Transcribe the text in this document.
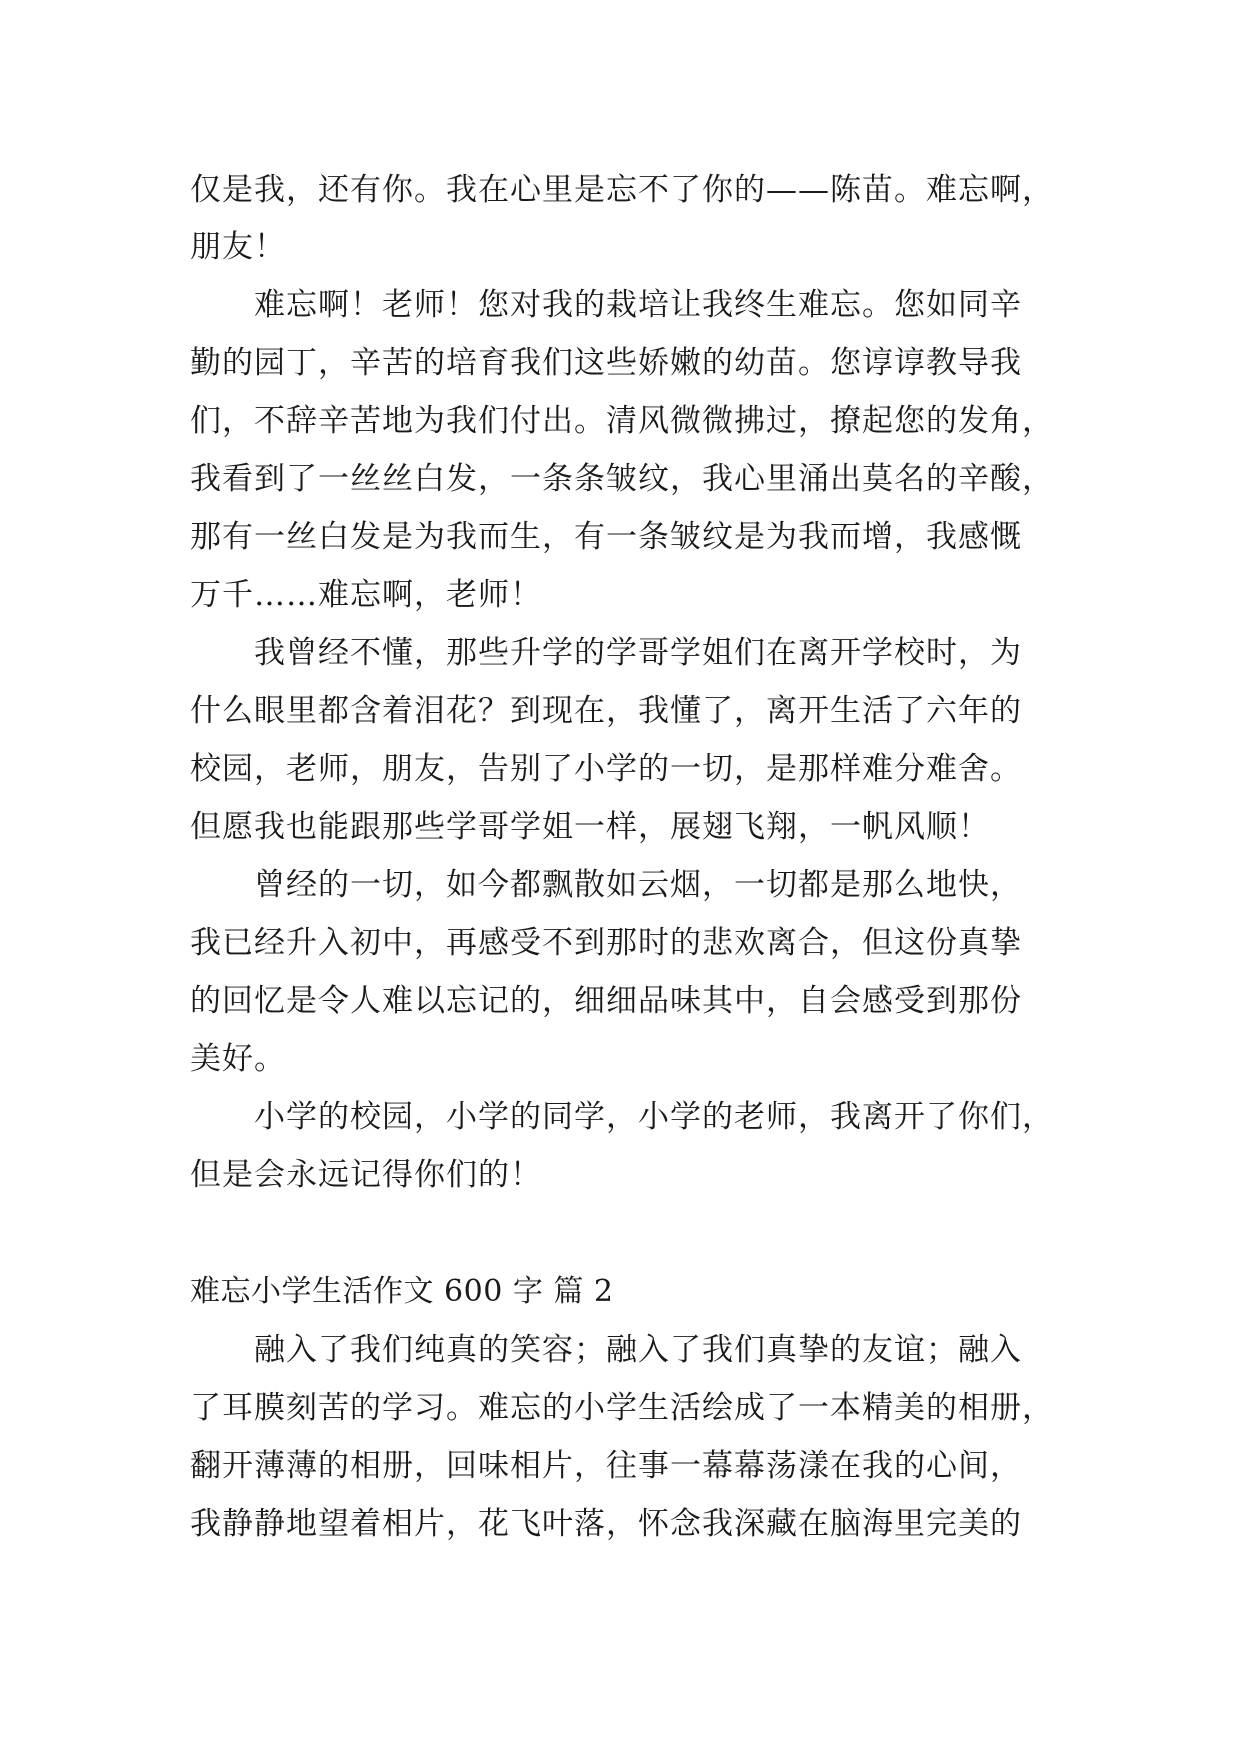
仅是我，还有你。我在心里是忘不了你的——陈苗。难忘啊，
朋友！
　　难忘啊！老师！您对我的栽培让我终生难忘。您如同辛
勤的园丁，辛苦的培育我们这些娇嫩的幼苗。您谆谆教导我
们，不辞辛苦地为我们付出。清风微微拂过，撩起您的发角，
我看到了一丝丝白发，一条条皱纹，我心里涌出莫名的辛酸，
那有一丝白发是为我而生，有一条皱纹是为我而增，我感慨
万千……难忘啊，老师！
　　我曾经不懂，那些升学的学哥学姐们在离开学校时，为
什么眼里都含着泪花？到现在，我懂了，离开生活了六年的
校园，老师，朋友，告别了小学的一切，是那样难分难舍。
但愿我也能跟那些学哥学姐一样，展翅飞翔，一帆风顺！
　　曾经的一切，如今都飘散如云烟，一切都是那么地快，
我已经升入初中，再感受不到那时的悲欢离合，但这份真挚
的回忆是令人难以忘记的，细细品味其中，自会感受到那份
美好。
　　小学的校园，小学的同学，小学的老师，我离开了你们，
但是会永远记得你们的！
难忘小学生活作文 600 字 篇 2
　　融入了我们纯真的笑容；融入了我们真挚的友谊；融入
了耳膜刻苦的学习。难忘的小学生活绘成了一本精美的相册，
翻开薄薄的相册，回味相片，往事一幕幕荡漾在我的心间，
我静静地望着相片，花飞叶落，怀念我深藏在脑海里完美的
